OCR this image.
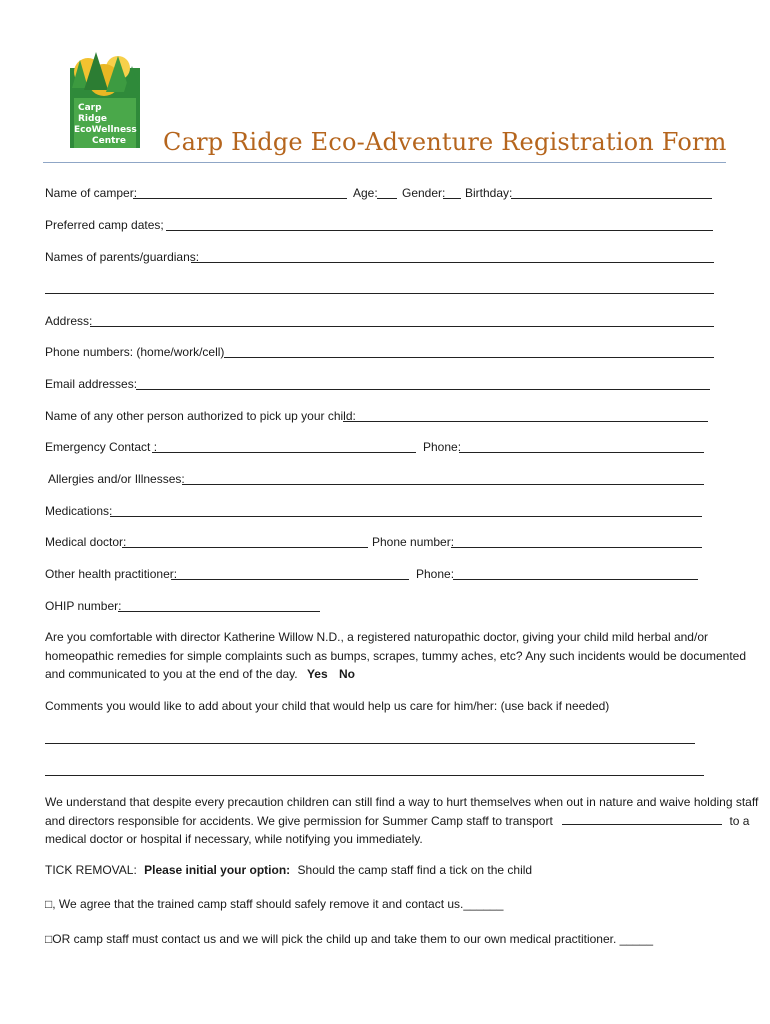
Carp
Ridge
EcoWellness
Centre Carp Ridge Eco-Adventure Registration Form
Name of camper:	Age: Gender: Birthday:
Preferred camp dates;
Names of parents/guardians:
Address:
Phone numbers: (home/work/cell)
Email addresses:
Name of any other person authorized to pick up your child:
Emergency Contact :	Phone:
Allergies and/or Illnesses:
Medications:
Medical doctor:	Phone number:
Other health practitioner:	Phone:
OHIP number:
Are you comfortable with director Katherine Willow N.D., a registered naturopathic doctor, giving your child mild herbal and/or
homeopathic remedies for simple complaints such as bumps, scrapes, tummy aches, etc? Any such incidents would be documented
and communicated to you at the end of the day. Yes No
Comments you would like to add about your child that would help us care for him/her: (use back if needed)
We understand that despite every precaution children can still find a way to hurt themselves when out in nature and waive holding staff
and directors responsible for accidents. We give permission for Summer Camp staff to transport	to a
medical doctor or hospital if necessary, while notifying you immediately.
TICK REMOVAL: Please initial your option: Should the camp staff find a tick on the child
□, We agree that the trained camp staff should safely remove it and contact us.______
□OR camp staff must contact us and we will pick the child up and take them to our own medical practitioner. _____
